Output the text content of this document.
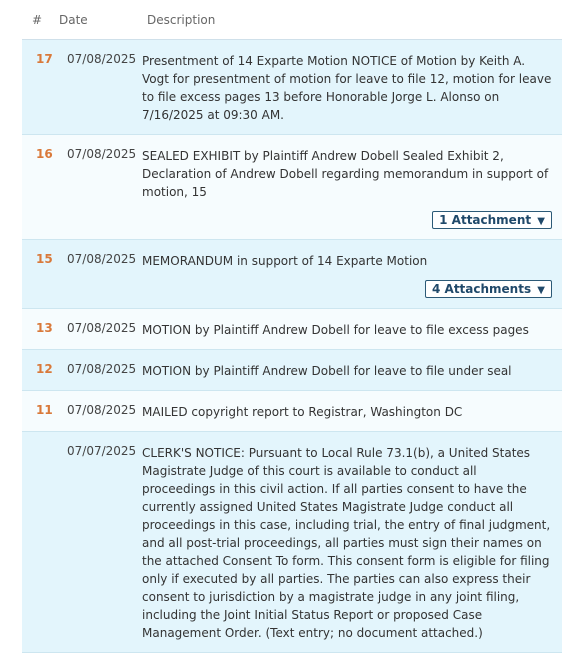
# Date	Description
17 07/08/2025 Presentment of 14 Exparte Motion NOTICE of Motion by Keith A. Vogt for presentment of motion for leave to file 12, motion for leave to file excess pages 13 before Honorable Jorge L. Alonso on 7/16/2025 at 09:30 AM.
16 07/08/2025 SEALED EXHIBIT by Plaintiff Andrew Dobell Sealed Exhibit 2, Declaration of Andrew Dobell regarding memorandum in support of motion, 15
1 Attachment ▼
15 07/08/2025 MEMORANDUM in support of 14 Exparte Motion
4 Attachments ▼
13 07/08/2025 MOTION by Plaintiff Andrew Dobell for leave to file excess pages
12 07/08/2025 MOTION by Plaintiff Andrew Dobell for leave to file under seal
11 07/08/2025 MAILED copyright report to Registrar, Washington DC
07/07/2025 CLERK'S NOTICE: Pursuant to Local Rule 73.1(b), a United States Magistrate Judge of this court is available to conduct all proceedings in this civil action. If all parties consent to have the currently assigned United States Magistrate Judge conduct all proceedings in this case, including trial, the entry of final judgment, and all post-trial proceedings, all parties must sign their names on the attached Consent To form. This consent form is eligible for filing only if executed by all parties. The parties can also express their consent to jurisdiction by a magistrate judge in any joint filing, including the Joint Initial Status Report or proposed Case Management Order. (Text entry; no document attached.)
